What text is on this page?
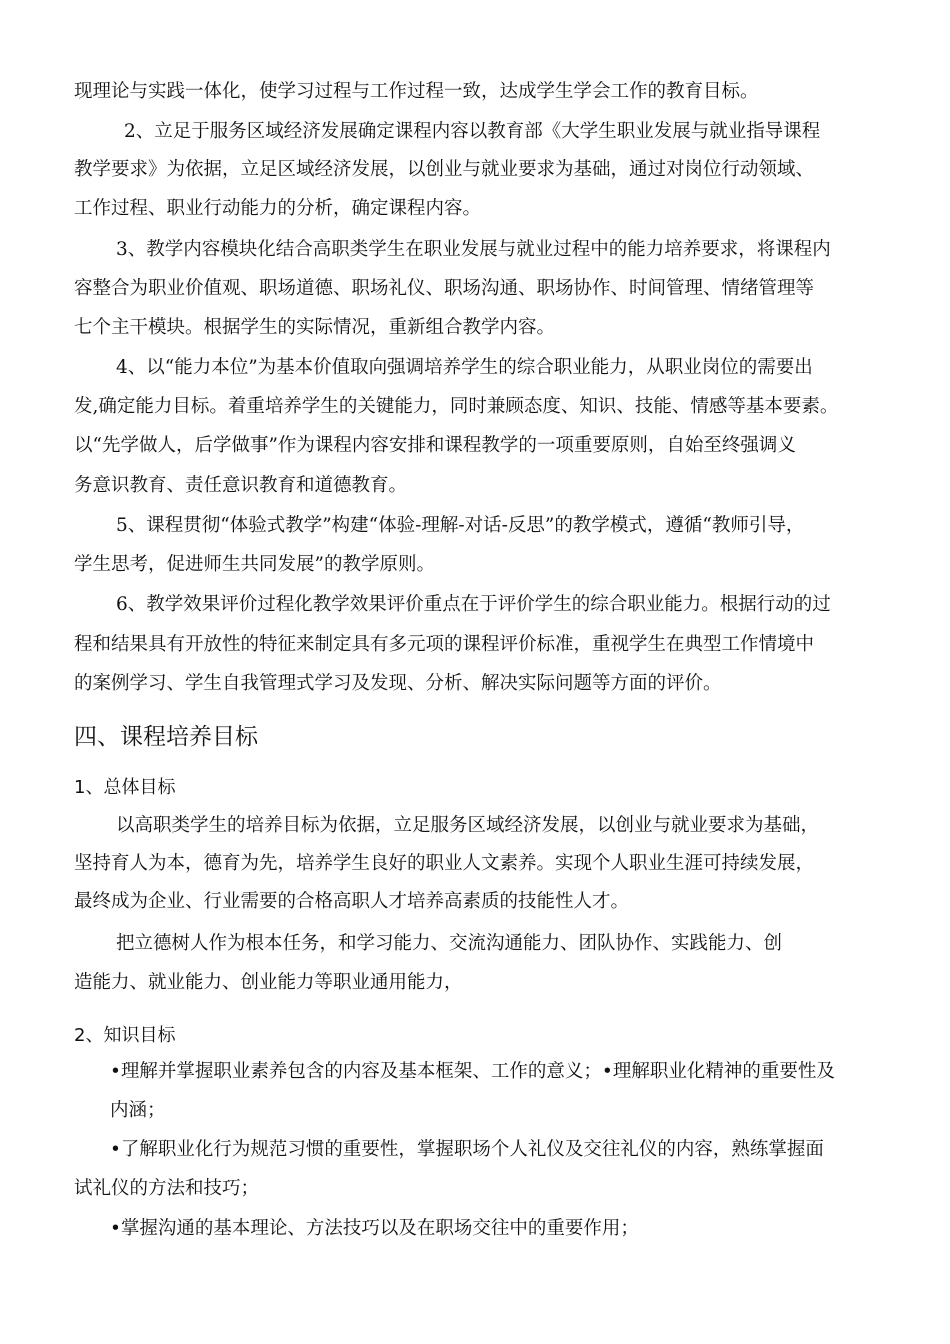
现理论与实践一体化，使学习过程与工作过程一致，达成学生学会工作的教育目标。
2、立足于服务区域经济发展确定课程内容以教育部《大学生职业发展与就业指导课程
教学要求》为依据，立足区域经济发展，以创业与就业要求为基础，通过对岗位行动领域、
工作过程、职业行动能力的分析，确定课程内容。
3、教学内容模块化结合高职类学生在职业发展与就业过程中的能力培养要求，将课程内
容整合为职业价值观、职场道德、职场礼仪、职场沟通、职场协作、时间管理、情绪管理等
七个主干模块。根据学生的实际情况，重新组合教学内容。
4、以“能力本位”为基本价值取向强调培养学生的综合职业能力，从职业岗位的需要出
发,确定能力目标。着重培养学生的关键能力，同时兼顾态度、知识、技能、情感等基本要素。
以“先学做人，后学做事”作为课程内容安排和课程教学的一项重要原则，自始至终强调义
务意识教育、责任意识教育和道德教育。
5、课程贯彻“体验式教学”构建“体验-理解-对话-反思”的教学模式，遵循“教师引导，
学生思考，促进师生共同发展”的教学原则。
6、教学效果评价过程化教学效果评价重点在于评价学生的综合职业能力。根据行动的过
程和结果具有开放性的特征来制定具有多元项的课程评价标准，重视学生在典型工作情境中
的案例学习、学生自我管理式学习及发现、分析、解决实际问题等方面的评价。
四、课程培养目标
1、总体目标
以高职类学生的培养目标为依据，立足服务区域经济发展，以创业与就业要求为基础，
坚持育人为本，德育为先，培养学生良好的职业人文素养。实现个人职业生涯可持续发展，
最终成为企业、行业需要的合格高职人才培养高素质的技能性人才。
把立德树人作为根本任务，和学习能力、交流沟通能力、团队协作、实践能力、创
造能力、就业能力、创业能力等职业通用能力，
2、知识目标
•理解并掌握职业素养包含的内容及基本框架、工作的意义；•理解职业化精神的重要性及
内涵；
•了解职业化行为规范习惯的重要性，掌握职场个人礼仪及交往礼仪的内容，熟练掌握面
试礼仪的方法和技巧；
•掌握沟通的基本理论、方法技巧以及在职场交往中的重要作用；
